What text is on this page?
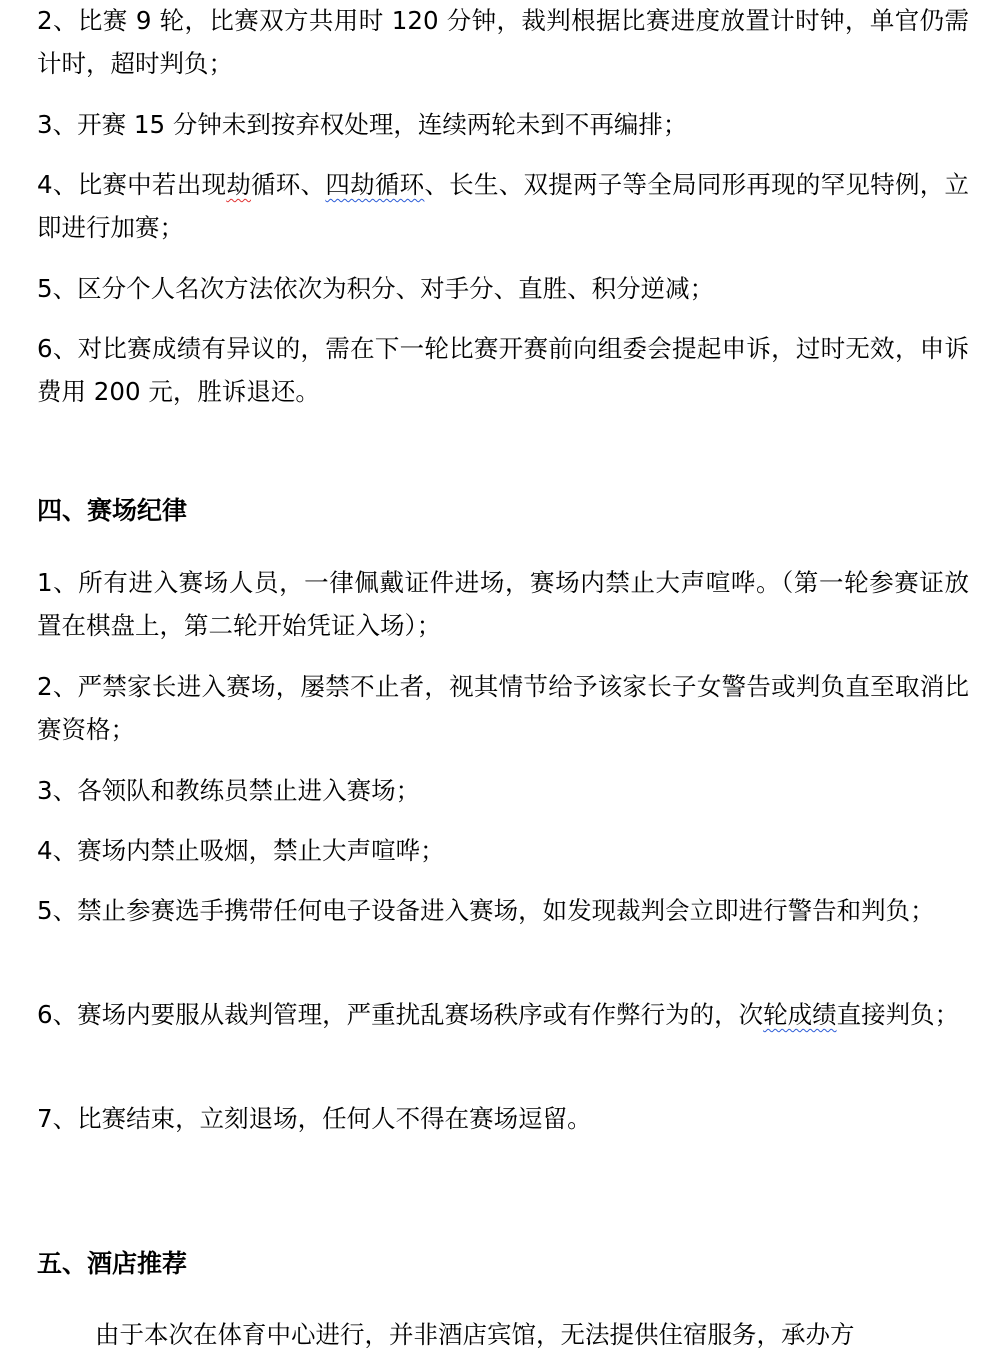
2、比赛 9 轮，比赛双方共用时 120 分钟，裁判根据比赛进度放置计时钟，单官仍需计时，超时判负；

3、开赛 15 分钟未到按弃权处理，连续两轮未到不再编排；

4、比赛中若出现劫循环、四劫循环、长生、双提两子等全局同形再现的罕见特例，立即进行加赛；

5、区分个人名次方法依次为积分、对手分、直胜、积分逆减；

6、对比赛成绩有异议的，需在下一轮比赛开赛前向组委会提起申诉，过时无效，申诉费用 200 元，胜诉退还。

四、赛场纪律

1、所有进入赛场人员，一律佩戴证件进场，赛场内禁止大声喧哗。（第一轮参赛证放置在棋盘上，第二轮开始凭证入场）；

2、严禁家长进入赛场，屡禁不止者，视其情节给予该家长子女警告或判负直至取消比赛资格；

3、各领队和教练员禁止进入赛场；

4、赛场内禁止吸烟，禁止大声喧哗；

5、禁止参赛选手携带任何电子设备进入赛场，如发现裁判会立即进行警告和判负；

6、赛场内要服从裁判管理，严重扰乱赛场秩序或有作弊行为的，次轮成绩直接判负；

7、比赛结束，立刻退场，任何人不得在赛场逗留。

五、酒店推荐

由于本次在体育中心进行，并非酒店宾馆，无法提供住宿服务，承办方
